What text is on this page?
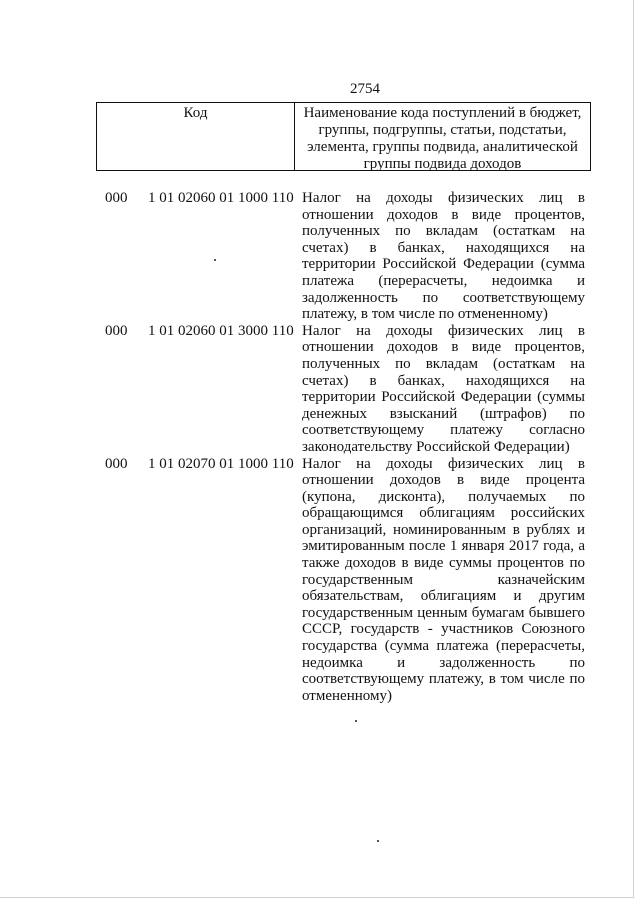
2754
Код	Наименование кода поступлений в бюджет, группы, подгруппы, статьи, подстатьи, элемента, группы подвида, аналитической группы подвида доходов
000 1 01 02060 01 1000 110 Налог на доходы физических лиц в отношении доходов в виде процентов, полученных по вкладам (остаткам на счетах) в банках, находящихся на территории Российской Федерации (сумма платежа (перерасчеты, недоимка и задолженность по соответствующему платежу, в том числе по отмененному)
000 1 01 02060 01 3000 110 Налог на доходы физических лиц в отношении доходов в виде процентов, полученных по вкладам (остаткам на счетах) в банках, находящихся на территории Российской Федерации (суммы денежных взысканий (штрафов) по соответствующему платежу согласно законодательству Российской Федерации)
000 1 01 02070 01 1000 110 Налог на доходы физических лиц в отношении доходов в виде процента (купона, дисконта), получаемых по обращающимся облигациям российских организаций, номинированным в рублях и эмитированным после 1 января 2017 года, а также доходов в виде суммы процентов по государственным казначейским обязательствам, облигациям и другим государственным ценным бумагам бывшего СССР, государств - участников Союзного государства (сумма платежа (перерасчеты, недоимка и задолженность по соответствующему платежу, в том числе по отмененному)
